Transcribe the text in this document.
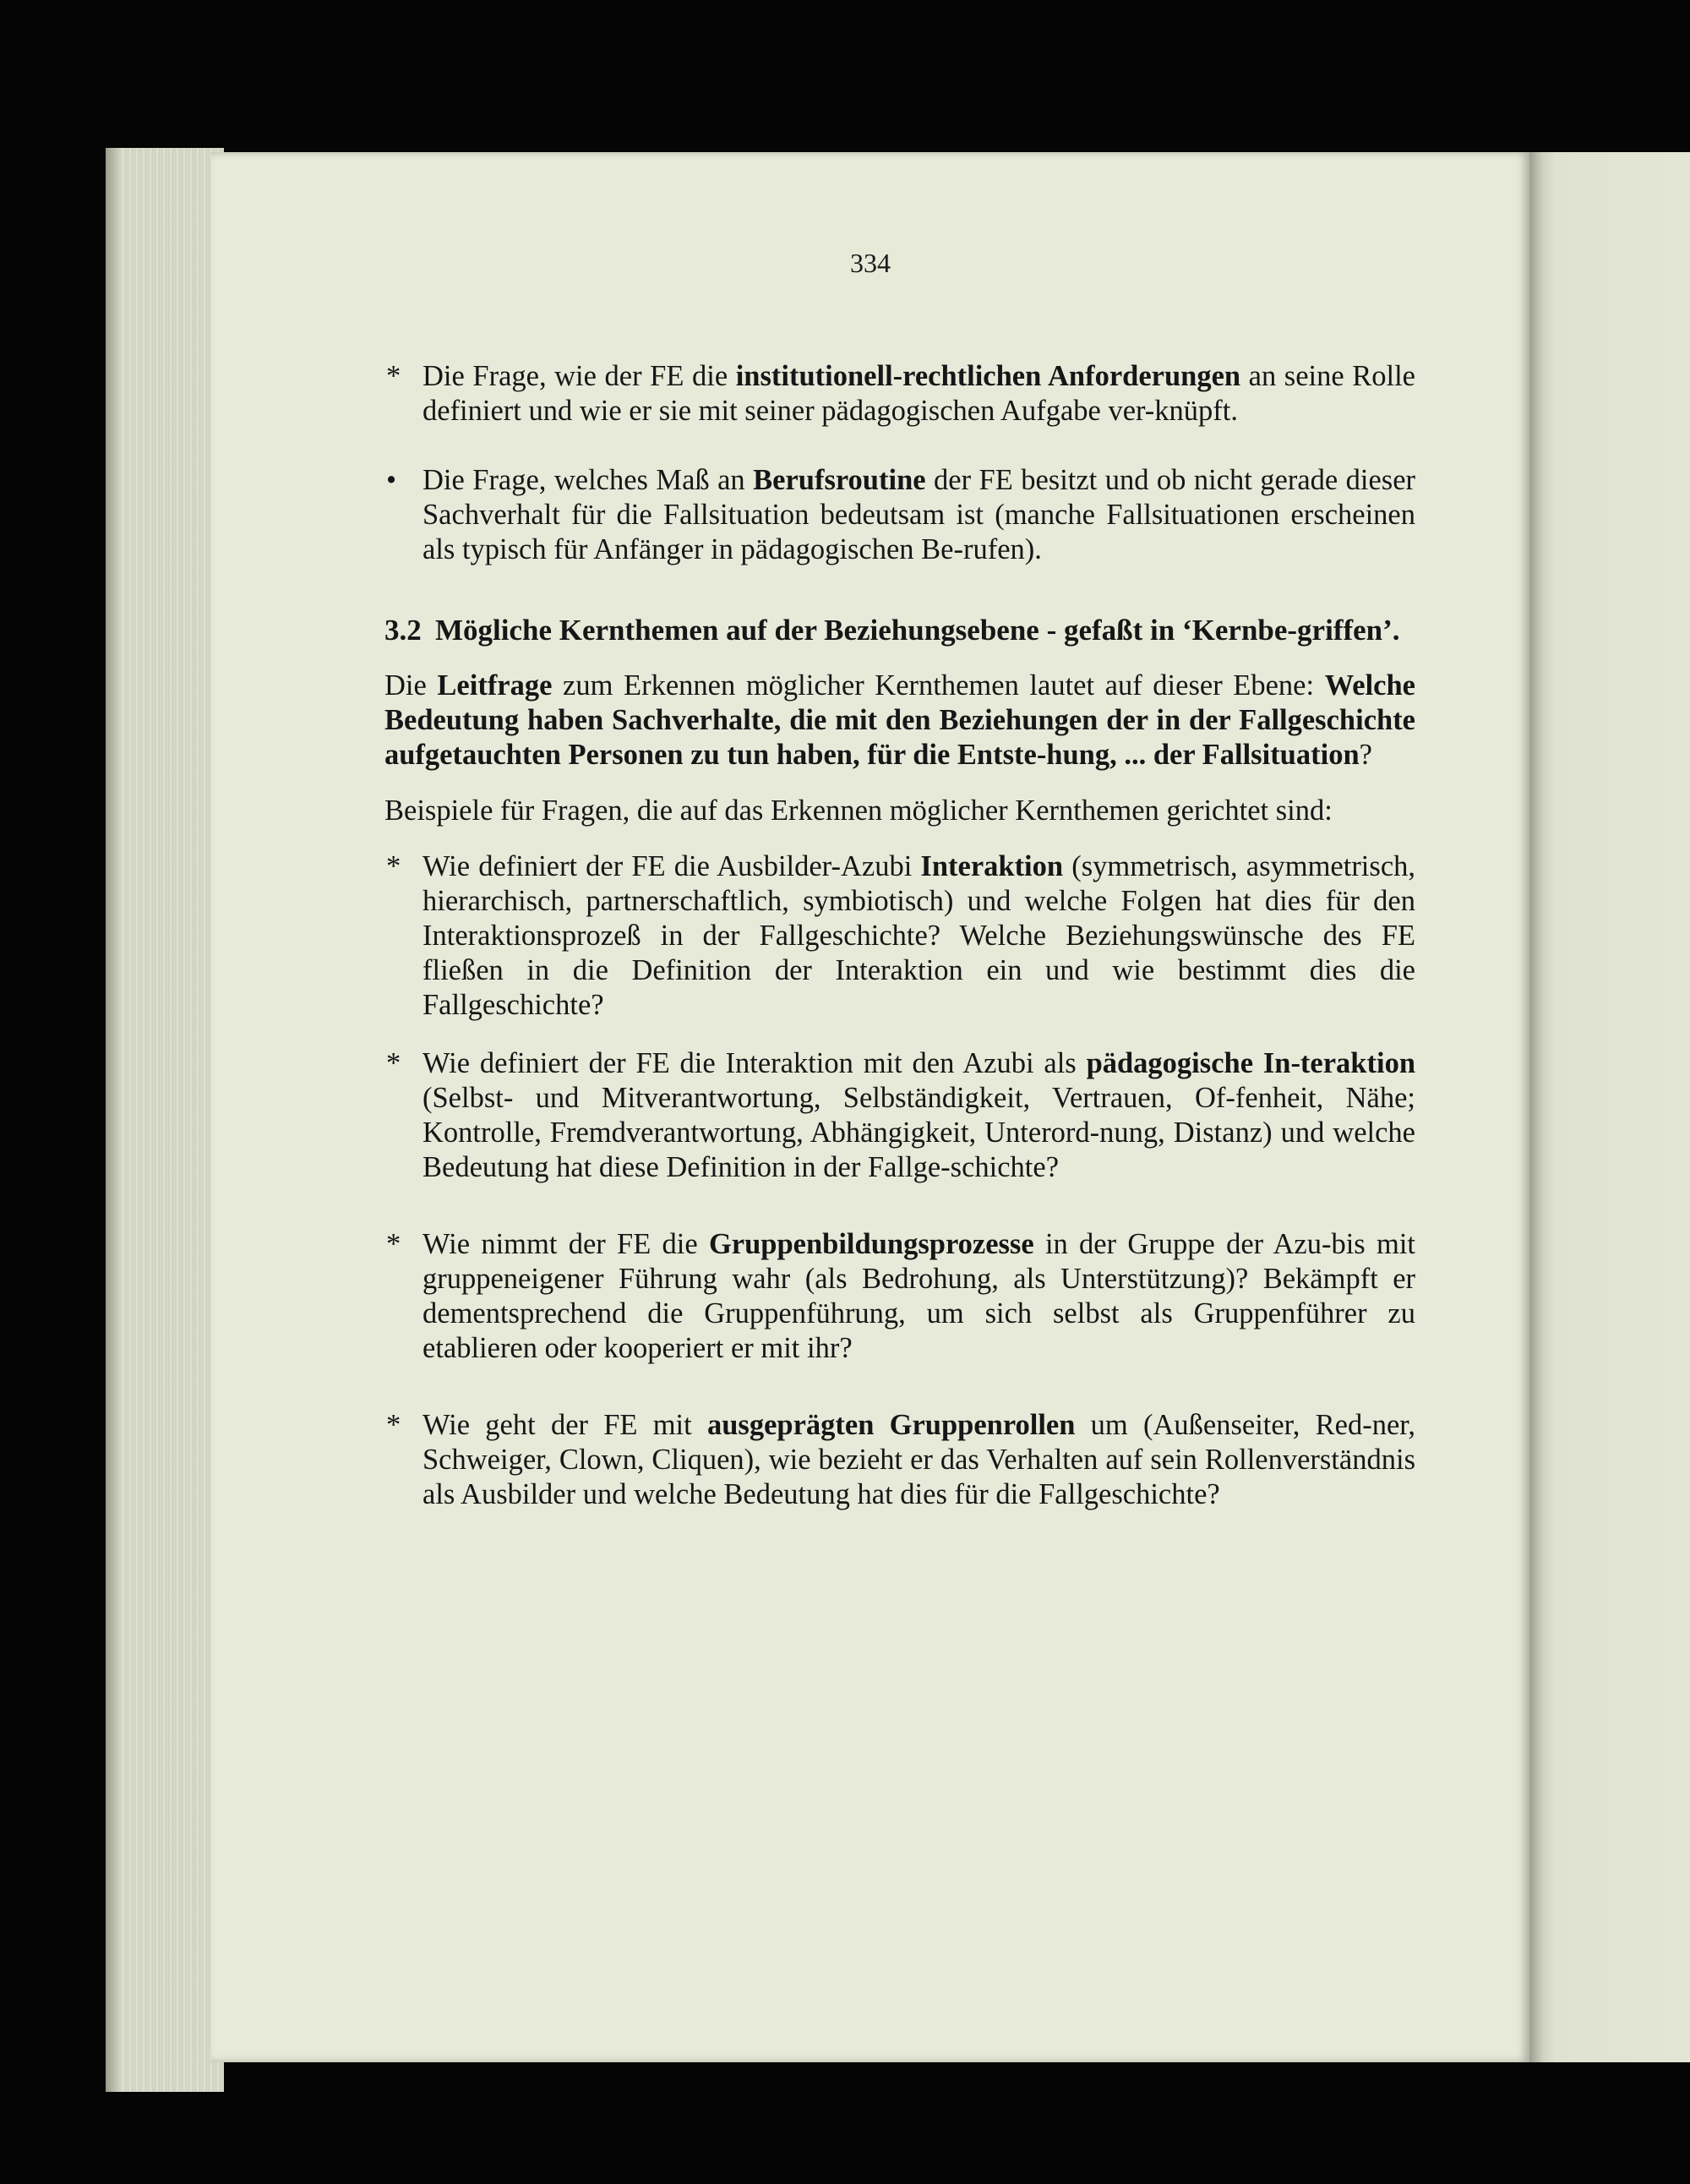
334
* Die Frage, wie der FE die institutionell-rechtlichen Anforderungen an seine Rolle definiert und wie er sie mit seiner pädagogischen Aufgabe ver-knüpft.
• Die Frage, welches Maß an Berufsroutine der FE besitzt und ob nicht gerade dieser Sachverhalt für die Fallsituation bedeutsam ist (manche Fallsituationen erscheinen als typisch für Anfänger in pädagogischen Be-rufen).
3.2 Mögliche Kernthemen auf der Beziehungsebene - gefaßt in ‘Kernbe-griffen’.

Die Leitfrage zum Erkennen möglicher Kernthemen lautet auf dieser Ebene: Welche Bedeutung haben Sachverhalte, die mit den Beziehungen der in der Fallgeschichte aufgetauchten Personen zu tun haben, für die Entste-hung, ... der Fallsituation?

Beispiele für Fragen, die auf das Erkennen möglicher Kernthemen gerichtet sind:

* Wie definiert der FE die Ausbilder-Azubi Interaktion (symmetrisch, asymmetrisch, hierarchisch, partnerschaftlich, symbiotisch) und welche Folgen hat dies für den Interaktionsprozeß in der Fallgeschichte? Welche Beziehungswünsche des FE fließen in die Definition der Interaktion ein und wie bestimmt dies die Fallgeschichte?
* Wie definiert der FE die Interaktion mit den Azubi als pädagogische In-teraktion (Selbst- und Mitverantwortung, Selbständigkeit, Vertrauen, Of-fenheit, Nähe; Kontrolle, Fremdverantwortung, Abhängigkeit, Unterord-nung, Distanz) und welche Bedeutung hat diese Definition in der Fallge-schichte?
* Wie nimmt der FE die Gruppenbildungsprozesse in der Gruppe der Azu-bis mit gruppeneigener Führung wahr (als Bedrohung, als Unterstützung)? Bekämpft er dementsprechend die Gruppenführung, um sich selbst als Gruppenführer zu etablieren oder kooperiert er mit ihr?
* Wie geht der FE mit ausgeprägten Gruppenrollen um (Außenseiter, Red-ner, Schweiger, Clown, Cliquen), wie bezieht er das Verhalten auf sein Rollenverständnis als Ausbilder und welche Bedeutung hat dies für die Fallgeschichte?
